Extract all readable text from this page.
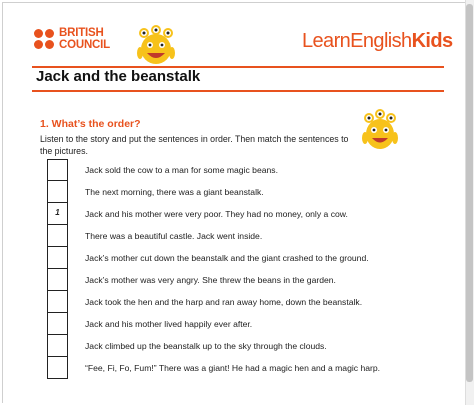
BRITISH
COUNCIL	LearnEnglishKids
Jack and the beanstalk
1. What’s the order?
Listen to the story and put the sentences in order. Then match the sentences to the pictures.
Jack sold the cow to a man for some magic beans.
The next morning, there was a giant beanstalk.
1	Jack and his mother were very poor. They had no money, only a cow.
There was a beautiful castle. Jack went inside.
Jack’s mother cut down the beanstalk and the giant crashed to the ground.
Jack’s mother was very angry. She threw the beans in the garden.
Jack took the hen and the harp and ran away home, down the beanstalk.
Jack and his mother lived happily ever after.
Jack climbed up the beanstalk up to the sky through the clouds.
“Fee, Fi, Fo, Fum!” There was a giant! He had a magic hen and a magic harp.
